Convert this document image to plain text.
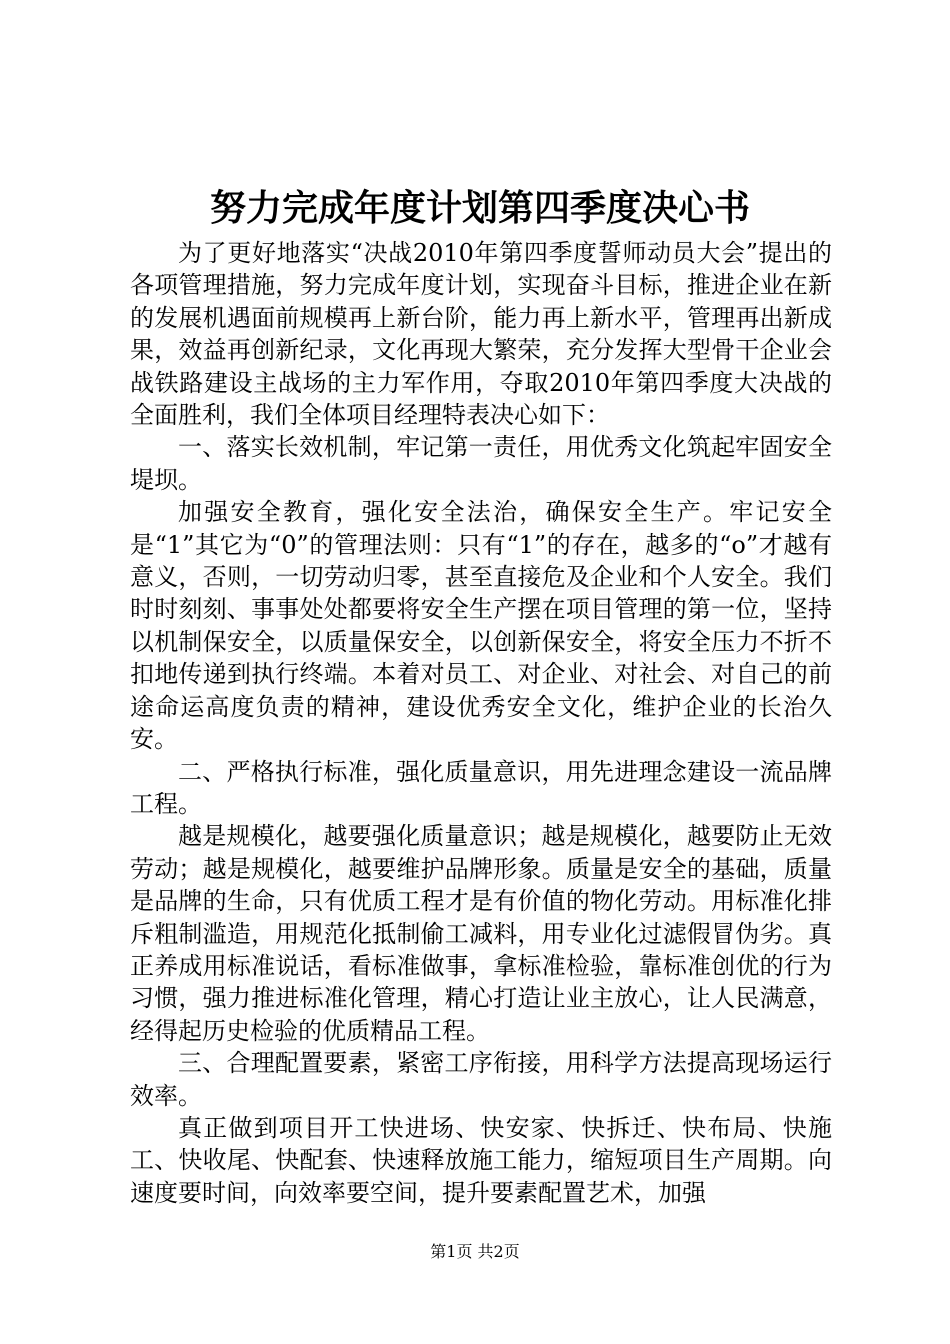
努力完成年度计划第四季度决心书

为了更好地落实“决战2010年第四季度誓师动员大会”提出的各项管理措施，努力完成年度计划，实现奋斗目标，推进企业在新的发展机遇面前规模再上新台阶，能力再上新水平，管理再出新成果，效益再创新纪录，文化再现大繁荣，充分发挥大型骨干企业会战铁路建设主战场的主力军作用，夺取2010年第四季度大决战的全面胜利，我们全体项目经理特表决心如下：

一、落实长效机制，牢记第一责任，用优秀文化筑起牢固安全堤坝。

加强安全教育，强化安全法治，确保安全生产。牢记安全是“1”其它为“0”的管理法则：只有“1”的存在，越多的“o”才越有意义，否则，一切劳动归零，甚至直接危及企业和个人安全。我们时时刻刻、事事处处都要将安全生产摆在项目管理的第一位，坚持以机制保安全，以质量保安全，以创新保安全，将安全压力不折不扣地传递到执行终端。本着对员工、对企业、对社会、对自己的前途命运高度负责的精神，建设优秀安全文化，维护企业的长治久安。

二、严格执行标准，强化质量意识，用先进理念建设一流品牌工程。

越是规模化，越要强化质量意识；越是规模化，越要防止无效劳动；越是规模化，越要维护品牌形象。质量是安全的基础，质量是品牌的生命，只有优质工程才是有价值的物化劳动。用标准化排斥粗制滥造，用规范化抵制偷工减料，用专业化过滤假冒伪劣。真正养成用标准说话，看标准做事，拿标准检验，靠标准创优的行为习惯，强力推进标准化管理，精心打造让业主放心，让人民满意，经得起历史检验的优质精品工程。

三、合理配置要素，紧密工序衔接，用科学方法提高现场运行效率。

真正做到项目开工快进场、快安家、快拆迁、快布局、快施工、快收尾、快配套、快速释放施工能力，缩短项目生产周期。向速度要时间，向效率要空间，提升要素配置艺术，加强

第1页 共2页
